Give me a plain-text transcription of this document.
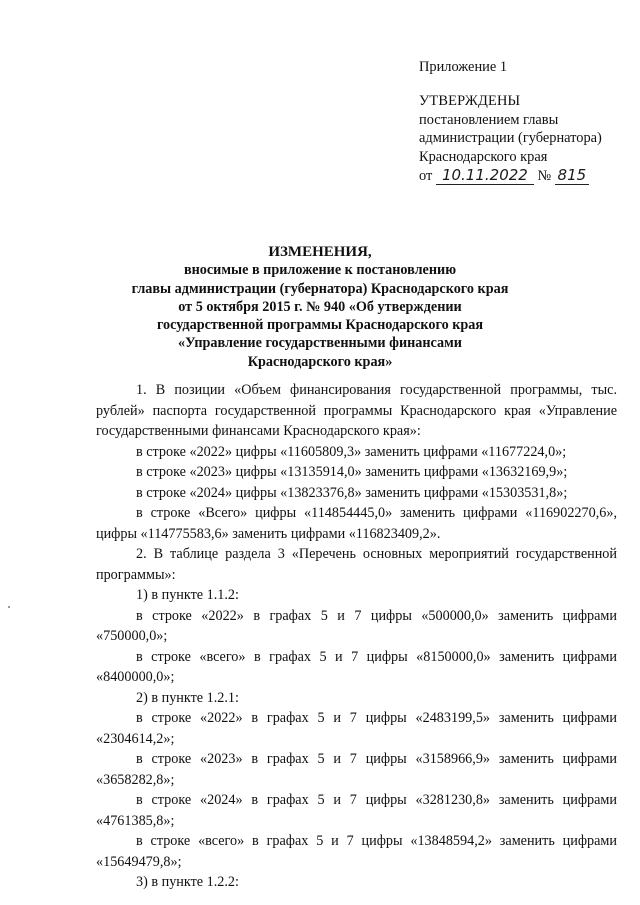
Приложение 1
УТВЕРЖДЕНЫ
постановлением главы
администрации (губернатора)
Краснодарского края
от 10.11.2022 № 815
ИЗМЕНЕНИЯ,
вносимые в приложение к постановлению
главы администрации (губернатора) Краснодарского края
от 5 октября 2015 г. № 940 «Об утверждении
государственной программы Краснодарского края
«Управление государственными финансами
Краснодарского края»

1. В позиции «Объем финансирования государственной программы, тыс. рублей» паспорта государственной программы Краснодарского края «Управление государственными финансами Краснодарского края»:

в строке «2022» цифры «11605809,3» заменить цифрами «11677224,0»;

в строке «2023» цифры «13135914,0» заменить цифрами «13632169,9»;

в строке «2024» цифры «13823376,8» заменить цифрами «15303531,8»;

в строке «Всего» цифры «114854445,0» заменить цифрами «116902270,6», цифры «114775583,6» заменить цифрами «116823409,2».

2. В таблице раздела 3 «Перечень основных мероприятий государственной программы»:

1) в пункте 1.1.2:

в строке «2022» в графах 5 и 7 цифры «500000,0» заменить цифрами «750000,0»;

в строке «всего» в графах 5 и 7 цифры «8150000,0» заменить цифрами «8400000,0»;

2) в пункте 1.2.1:

в строке «2022» в графах 5 и 7 цифры «2483199,5» заменить цифрами «2304614,2»;

в строке «2023» в графах 5 и 7 цифры «3158966,9» заменить цифрами «3658282,8»;

в строке «2024» в графах 5 и 7 цифры «3281230,8» заменить цифрами «4761385,8»;

в строке «всего» в графах 5 и 7 цифры «13848594,2» заменить цифрами «15649479,8»;

3) в пункте 1.2.2:
